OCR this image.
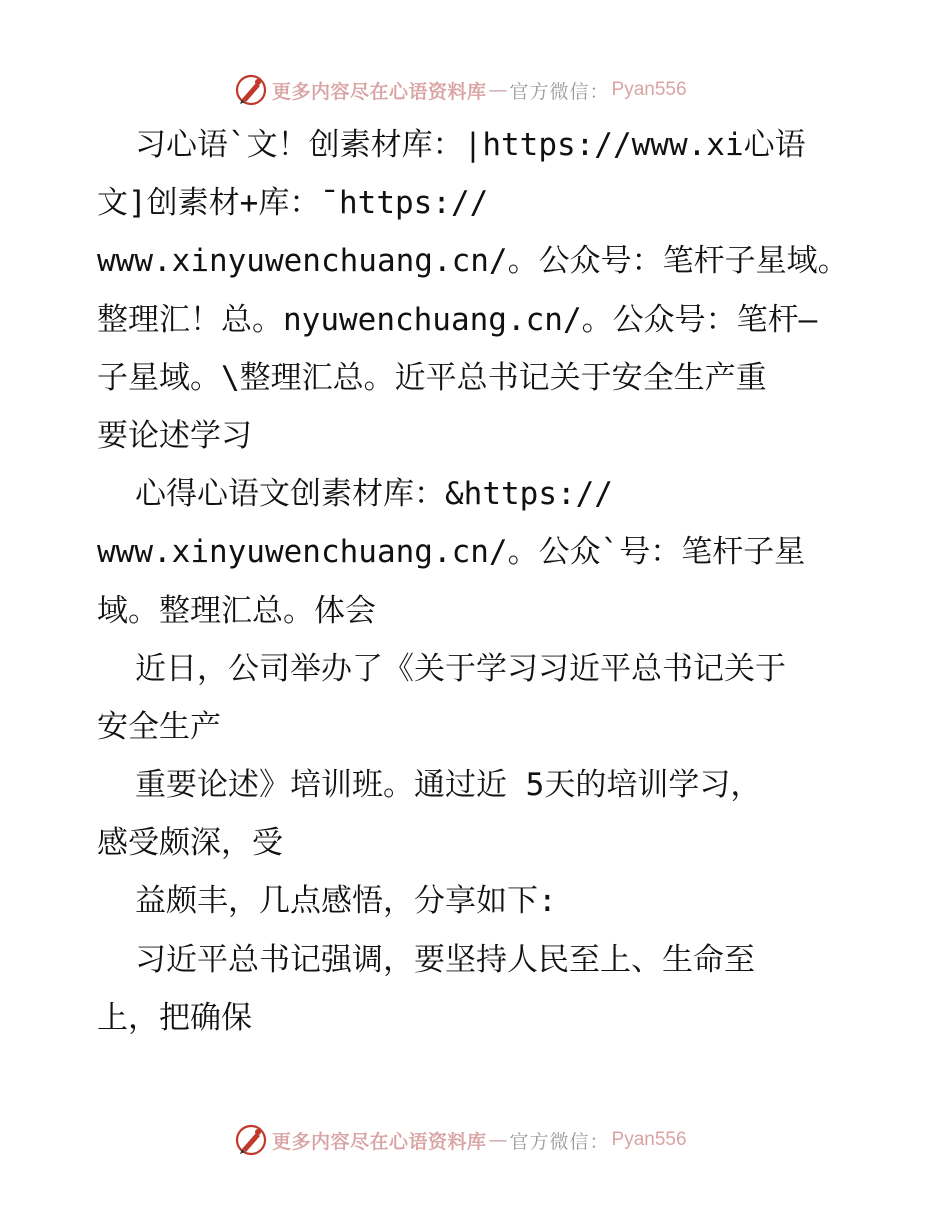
更多内容尽在心语资料库 — 官方微信： Pyan556
习心语`文！创素材库：|https://www.xi心语
文]创素材+库：¯https://
www.xinyuwenchuang.cn/。公众号：笔杆子星域。
整理汇！总。nyuwenchuang.cn/。公众号：笔杆—
子星域。\整理汇总。近平总书记关于安全生产重
要论述学习
心得心语文创素材库：&https://
www.xinyuwenchuang.cn/。公众`号：笔杆子星
域。整理汇总。体会
近日，公司举办了《关于学习习近平总书记关于
安全生产
重要论述》培训班。通过近 5天的培训学习，
感受颇深，受
益颇丰，几点感悟，分享如下:
习近平总书记强调，要坚持人民至上、生命至
上，把确保
更多内容尽在心语资料库 — 官方微信： Pyan556
